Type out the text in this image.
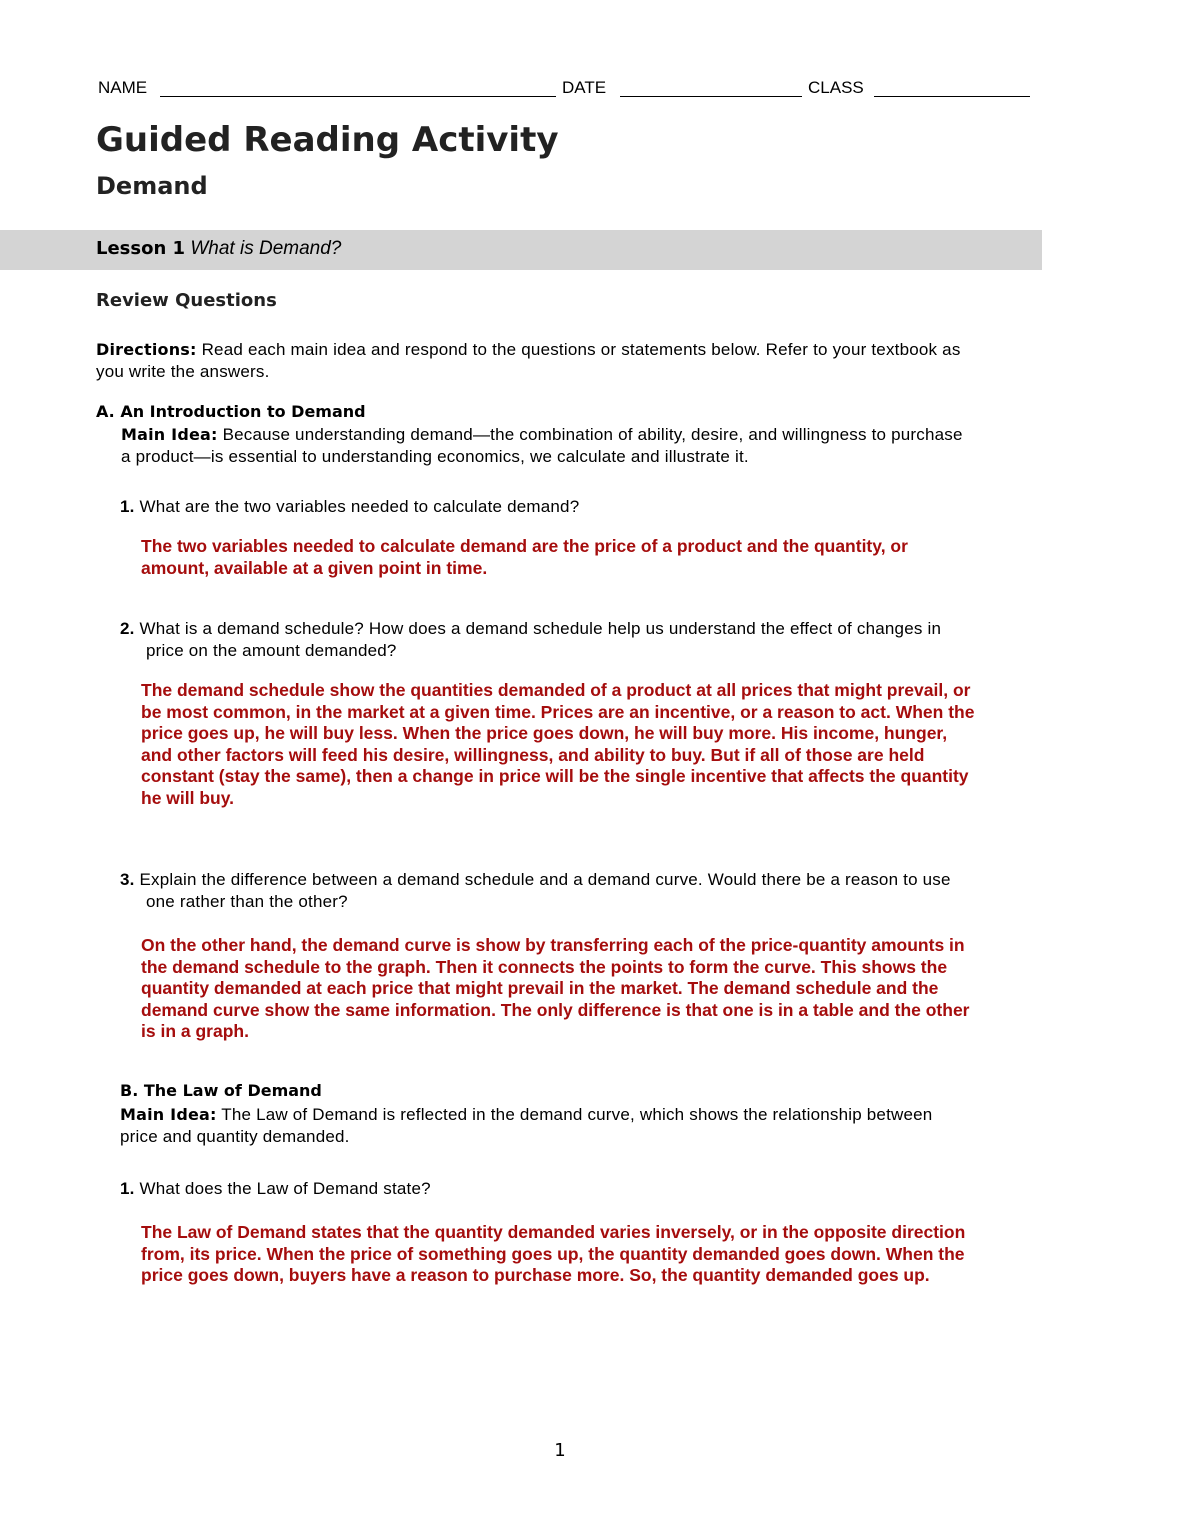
NAME	DATE	CLASS
Guided Reading Activity
Demand
Lesson 1 What is Demand?
Review Questions
Directions: Read each main idea and respond to the questions or statements below. Refer to your textbook as
you write the answers.
A. An Introduction to Demand
Main Idea: Because understanding demand—the combination of ability, desire, and willingness to purchase
a product—is essential to understanding economics, we calculate and illustrate it.
1. What are the two variables needed to calculate demand?
The two variables needed to calculate demand are the price of a product and the quantity, or
amount, available at a given point in time.
2. What is a demand schedule? How does a demand schedule help us understand the effect of changes in
price on the amount demanded?
The demand schedule show the quantities demanded of a product at all prices that might prevail, or
be most common, in the market at a given time. Prices are an incentive, or a reason to act. When the
price goes up, he will buy less. When the price goes down, he will buy more. His income, hunger,
and other factors will feed his desire, willingness, and ability to buy. But if all of those are held
constant (stay the same), then a change in price will be the single incentive that affects the quantity
he will buy.
3. Explain the difference between a demand schedule and a demand curve. Would there be a reason to use
one rather than the other?
On the other hand, the demand curve is show by transferring each of the price-quantity amounts in
the demand schedule to the graph. Then it connects the points to form the curve. This shows the
quantity demanded at each price that might prevail in the market. The demand schedule and the
demand curve show the same information. The only difference is that one is in a table and the other
is in a graph.
B. The Law of Demand
Main Idea: The Law of Demand is reflected in the demand curve, which shows the relationship between
price and quantity demanded.
1. What does the Law of Demand state?
The Law of Demand states that the quantity demanded varies inversely, or in the opposite direction
from, its price. When the price of something goes up, the quantity demanded goes down. When the
price goes down, buyers have a reason to purchase more. So, the quantity demanded goes up.
1
